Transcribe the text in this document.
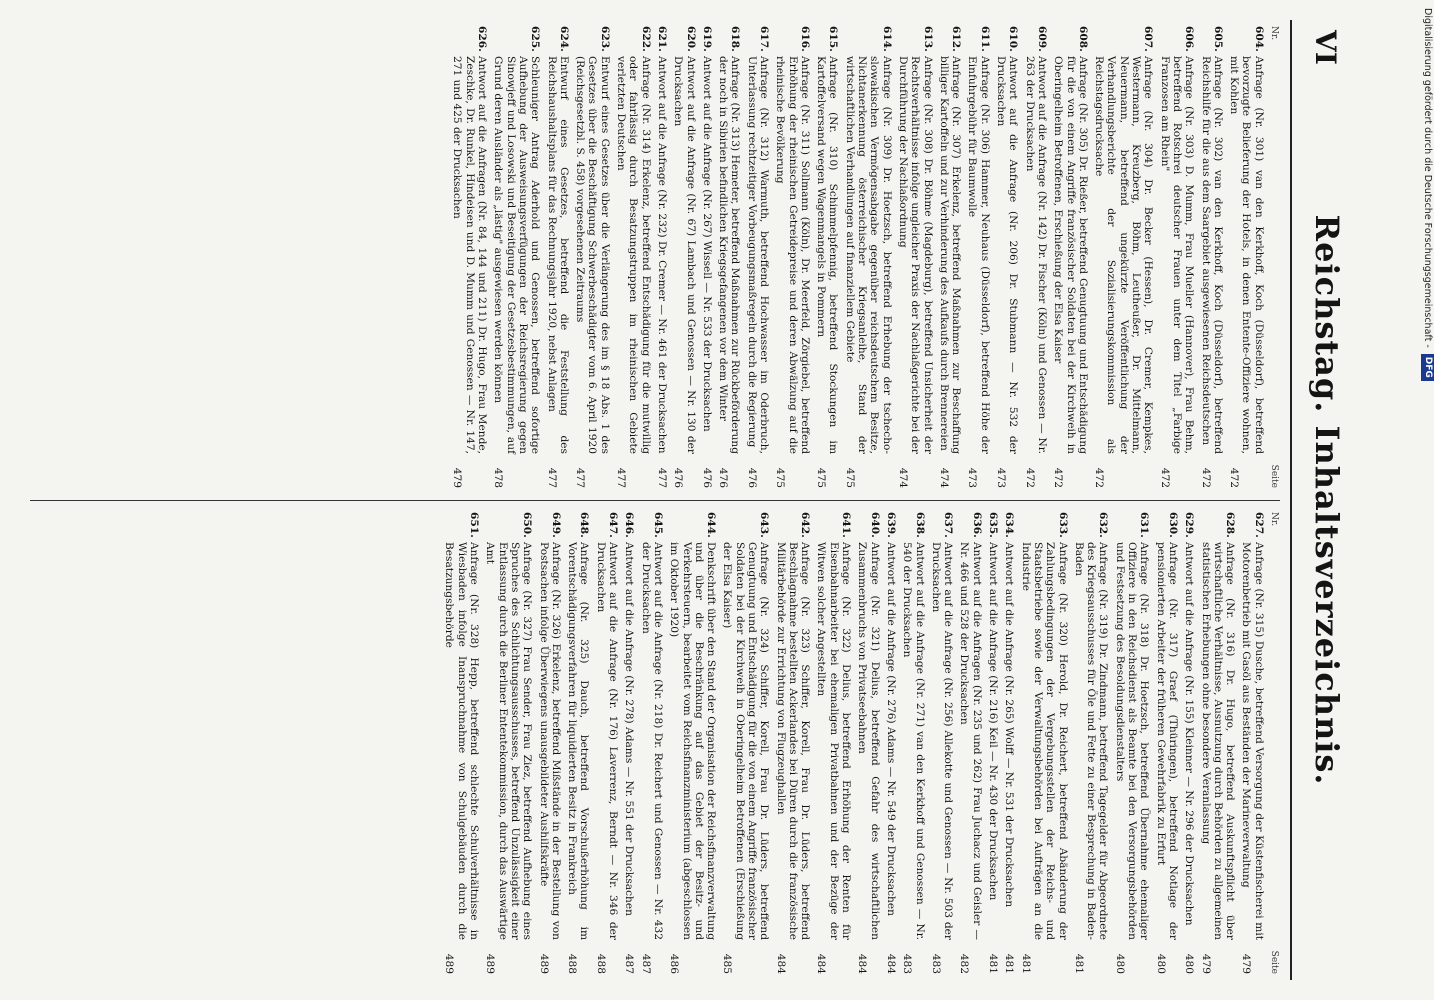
VI
Reichstag. Inhaltsverzeichnis.
Nr.
Seite
604.
Anfrage (Nr. 301) van den Kerkhoff, Koch (Düsseldorf), betreffend bevorzugte Belieferung der Hotels, in denen Entente-Offiziere wohnen, mit Kohlen
472
605.
Anfrage (Nr. 302) van den Kerkhoff, Koch (Düsseldorf), betreffend Reichshilfe für die aus dem Saargebiet ausgewiesenen Reichsdeutschen
472
606.
Anfrage (Nr. 303) D. Mumm, Frau Mueller (Hannover), Frau Behm, betreffend Rotschrei deutscher Frauen unter dem Titel „Farbige Franzosen am Rhein"
472
607.
Anfrage (Nr. 304) Dr. Becker (Hessen), Dr. Cremer, Kempkes, Westermann, Kreuzberg, Böhm, Leutheußer, Dr. Mittelmann, Neuermann, betreffend ungekürzte Veröffentlichung der Verhandlungsberichte der Sozialisierungskommission als Reichstagsdrucksache
472
608.
Anfrage (Nr. 305) Dr. Rießer, betreffend Genugtuung und Entschädigung für die von einem Angriffe französischer Soldaten bei der Kirchweih in Oberingelheim Betroffenen, Erschießung der Elsa Kaiser
472
609.
Antwort auf die Anfrage (Nr. 142) Dr. Fischer (Köln) und Genossen — Nr. 263 der Drucksachen
472
610.
Antwort auf die Anfrage (Nr. 206) Dr. Stubmann — Nr. 532 der Drucksachen
473
611.
Anfrage (Nr. 306) Hammer, Neuhaus (Düsseldorf), betreffend Höhe der Einfuhrgebühr für Baumwolle
473
612.
Anfrage (Nr. 307) Erkelenz, betreffend Maßnahmen zur Beschaffung billiger Kartoffeln und zur Verhinderung des Aufkaufs durch Brennereien
474
613.
Anfrage (Nr. 308) Dr. Böhme (Magdeburg), betreffend Unsicherheit der Rechtsverhältnisse infolge ungleicher Praxis der Nachlaßgerichte bei der Durchführung der Nachlaßordnung
474
614.
Anfrage (Nr. 309) Dr. Hoetzsch, betreffend Erhebung der tschecho-slowakischen Vermögensabgabe gegenüber reichsdeutschem Besitze, Nichtanerkennung österreichischer Kriegsanleihe, Stand der wirtschaftlichen Verhandlungen auf finanziellem Gebiete
475
615.
Anfrage (Nr. 310) Schimmelpfennig, betreffend Stockungen im Kartoffelversand wegen Wagenmangels in Pommern
475
616.
Anfrage (Nr. 311) Sollmann (Köln), Dr. Meerfeld, Zörgiebel, betreffend Erhöhung der rheinischen Getreidepreise und deren Abwälzung auf die rheinische Bevölkerung
475
617.
Anfrage (Nr. 312) Warmuth, betreffend Hochwasser im Oderbruch, Unterlassung rechtzeitiger Vorbeugungsmaßregeln durch die Regierung
476
618.
Anfrage (Nr. 313) Hemeter, betreffend Maßnahmen zur Rückbeförderung der noch in Sibirien befindlichen Kriegsgefangenen vor dem Winter
476
619.
Antwort auf die Anfrage (Nr. 267) Wissell — Nr. 533 der Drucksachen
476
620.
Antwort auf die Anfrage (Nr. 67) Lambach und Genossen — Nr. 130 der Drucksachen
476
621.
Antwort auf die Anfrage (Nr. 232) Dr. Cremer — Nr. 461 der Drucksachen
477
622.
Anfrage (Nr. 314) Erkelenz, betreffend Entschädigung für die mutwillig oder fahrlässig durch Besatzungstruppen im rheinischen Gebiete verletzten Deutschen
477
623.
Entwurf eines Gesetzes über die Verlängerung des im § 18 Abs. 1 des Gesetzes über die Beschäftigung Schwerbeschädigter vom 6. April 1920 (Reichsgesetzbl. S. 458) vorgesehenen Zeitraums
477
624.
Entwurf eines Gesetzes, betreffend die Feststellung des Reichshaushaltsplans für das Rechnungsjahr 1920, nebst Anlagen
477
625.
Schleuniger Antrag Aderhold und Genossen, betreffend sofortige Aufhebung der Ausweisungsverfügungen der Reichsregierung gegen Sinowjeff und Losowski und Beseitigung der Gesetzesbestimmungen, auf Grund deren Ausländer als „lästig" ausgewiesen werden können
478
626.
Antwort auf die Anfragen (Nr. 84, 144 und 211) Dr. Hugo, Frau Mende, Zeschke, Dr. Runkel, Hindeisen und D. Mumm und Genossen — Nr. 147, 271 und 425 der Drucksachen
479
Nr.
Seite
627.
Anfrage (Nr. 315) Dusche, betreffend Versorgung der Küstenfischerei mit Motorenbetrieb mit Gasöl aus Beständen der Marineverwaltung
479
628.
Anfrage (Nr. 316) Dr. Hugo, betreffend Auskunftspflicht über wirtschaftliche Verhältnisse, Ausnutzung durch Behörden zu allgemeinen statistischen Erhebungen ohne besondere Veranlassung
479
629.
Antwort auf die Anfrage (Nr. 155) Kleinner — Nr. 296 der Drucksachen
480
630.
Anfrage (Nr. 317) Graef (Thüringen), betreffend Notlage der pensionierten Arbeiter der früheren Gewehrfabrik zu Erfurt
480
631.
Anfrage (Nr. 318) Dr. Hoetzsch, betreffend Übernahme ehemaliger Offiziere in den Reichsdienst als Beamte bei den Versorgungsbehörden und Festsetzung des Besoldungsdienstalters
480
632.
Anfrage (Nr. 319) Dr. Zindmann, betreffend Tagegelder für Abgeordnete des Kriegsausschusses für Öle und Fette zu einer Besprechung in Baden-Baden
481
633.
Anfrage (Nr. 320) Herold, Dr. Reichert, betreffend Abänderung der Zahlungsbedingungen der Vergebungsstellen der Reichs- und Staatsbetriebe sowie der Verwaltungsbehörden bei Aufträgen an die Industrie
481
634.
Antwort auf die Anfrage (Nr. 265) Wolff — Nr. 531 der Drucksachen
481
635.
Antwort auf die Anfrage (Nr. 216) Keil — Nr. 430 der Drucksachen
481
636.
Antwort auf die Anfragen (Nr. 235 und 262) Frau Juchacz und Geisler — Nr. 466 und 528 der Drucksachen
482
637.
Antwort auf die Anfrage (Nr. 256) Allekotte und Genossen — Nr. 503 der Drucksachen
483
638.
Antwort auf die Anfrage (Nr. 271) van den Kerkhoff und Genossen — Nr. 540 der Drucksachen
483
639.
Antwort auf die Anfrage (Nr. 276) Adams — Nr. 549 der Drucksachen
484
640.
Anfrage (Nr. 321) Delius, betreffend Gefahr des wirtschaftlichen Zusammenbruchs von Privatseebahnen
484
641.
Anfrage (Nr. 322) Delius, betreffend Erhöhung der Renten für Eisenbahnarbeiter bei ehemaligen Privatbahnen und der Bezüge der Witwen solcher Angestellten
484
642.
Anfrage (Nr. 323) Schiffer, Korell, Frau Dr. Lüders, betreffend Beschlagnahme bestellten Ackerlandes bei Düren durch die französische Militärbehörde zur Errichtung von Flugzeughallen
484
643.
Anfrage (Nr. 324) Schiffer, Korell, Frau Dr. Lüders, betreffend Genugtuung und Entschädigung für die von einem Angriffe französischer Soldaten bei der Kirchweih in Oberingelheim Betroffenen (Erschießung der Elsa Kaiser)
485
644.
Denkschrift über den Stand der Organisation der Reichsfinanzverwaltung und über die Beschränkung auf das Gebiet der Besitz- und Verkehrsteuern, bearbeitet vom Reichsfinanzministerium (abgeschlossen im Oktober 1920)
486
645.
Antwort auf die Anfrage (Nr. 218) Dr. Reichert und Genossen — Nr. 432 der Drucksachen
487
646.
Antwort auf die Anfrage (Nr. 278) Adams — Nr. 551 der Drucksachen
487
647.
Antwort auf die Anfrage (Nr. 176) Laverrenz, Berndt — Nr. 346 der Drucksachen
488
648.
Anfrage (Nr. 325) Dauch, betreffend Vorschußerhöhung im Vorentschädigungsverfahren für liquidierten Besitz in Frankreich
488
649.
Anfrage (Nr. 326) Erkelenz, betreffend Mißstände in der Bestellung von Postsachen infolge Überwiegens unausgebildeter Aushilfskräfte
489
650.
Anfrage (Nr. 327) Frau Sender, Frau Ziez, betreffend Aufhebung eines Spruches des Schlichtungsausschusses, betreffend Unzulässigkeit einer Entlassung durch die Berliner Ententekommission, durch das Auswärtige Amt
489
651.
Anfrage (Nr. 328) Hepp, betreffend schlechte Schulverhältnisse in Wiesbaden infolge Inanspruchnahme von Schulgebäuden durch die Besatzungsbehörde
489
Digitalisierung gefördert durch die Deutsche Forschungsgemeinschaft -
DFG
